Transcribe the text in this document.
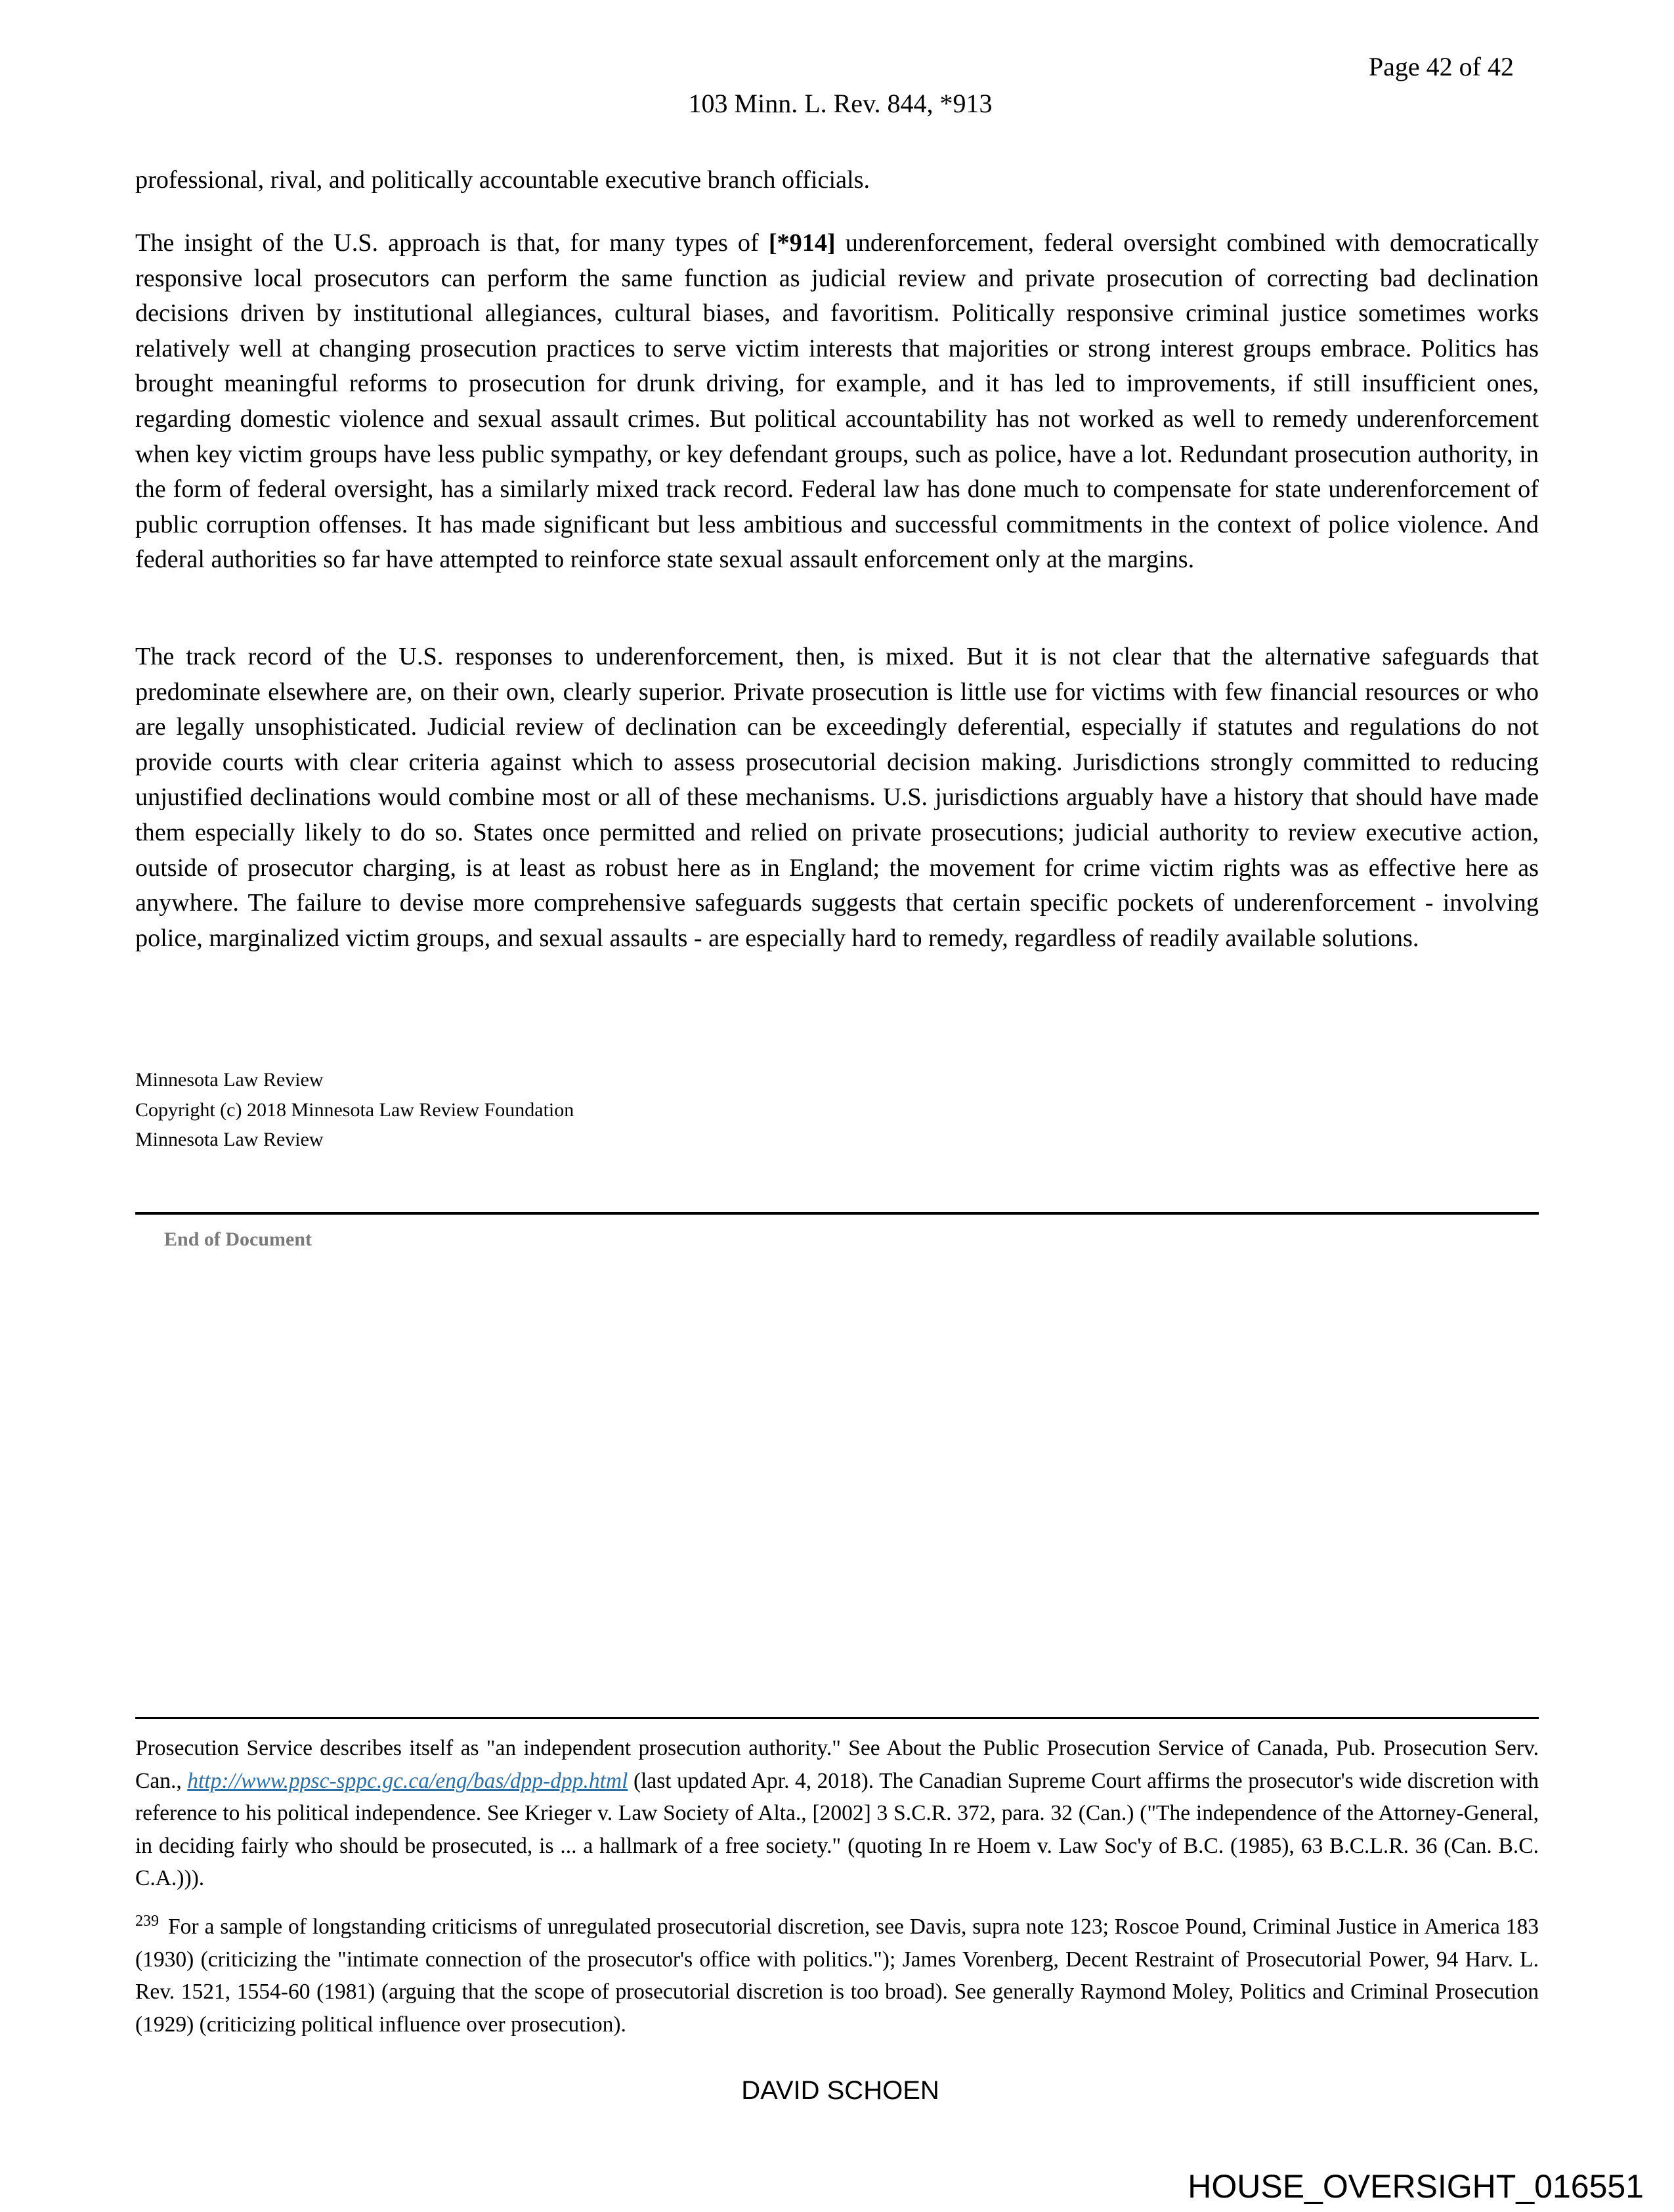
Page 42 of 42
103 Minn. L. Rev. 844, *913

professional, rival, and politically accountable executive branch officials.

The insight of the U.S. approach is that, for many types of [*914] underenforcement, federal oversight combined with democratically responsive local prosecutors can perform the same function as judicial review and private prosecution of correcting bad declination decisions driven by institutional allegiances, cultural biases, and favoritism. Politically responsive criminal justice sometimes works relatively well at changing prosecution practices to serve victim interests that majorities or strong interest groups embrace. Politics has brought meaningful reforms to prosecution for drunk driving, for example, and it has led to improvements, if still insufficient ones, regarding domestic violence and sexual assault crimes. But political accountability has not worked as well to remedy underenforcement when key victim groups have less public sympathy, or key defendant groups, such as police, have a lot. Redundant prosecution authority, in the form of federal oversight, has a similarly mixed track record. Federal law has done much to compensate for state underenforcement of public corruption offenses. It has made significant but less ambitious and successful commitments in the context of police violence. And federal authorities so far have attempted to reinforce state sexual assault enforcement only at the margins.

The track record of the U.S. responses to underenforcement, then, is mixed. But it is not clear that the alternative safeguards that predominate elsewhere are, on their own, clearly superior. Private prosecution is little use for victims with few financial resources or who are legally unsophisticated. Judicial review of declination can be exceedingly deferential, especially if statutes and regulations do not provide courts with clear criteria against which to assess prosecutorial decision making. Jurisdictions strongly committed to reducing unjustified declinations would combine most or all of these mechanisms. U.S. jurisdictions arguably have a history that should have made them especially likely to do so. States once permitted and relied on private prosecutions; judicial authority to review executive action, outside of prosecutor charging, is at least as robust here as in England; the movement for crime victim rights was as effective here as anywhere. The failure to devise more comprehensive safeguards suggests that certain specific pockets of underenforcement - involving police, marginalized victim groups, and sexual assaults - are especially hard to remedy, regardless of readily available solutions.

Minnesota Law Review
Copyright (c) 2018 Minnesota Law Review Foundation
Minnesota Law Review
End of Document

Prosecution Service describes itself as "an independent prosecution authority." See About the Public Prosecution Service of Canada, Pub. Prosecution Serv. Can., http://www.ppsc-sppc.gc.ca/eng/bas/dpp-dpp.html (last updated Apr. 4, 2018). The Canadian Supreme Court affirms the prosecutor's wide discretion with reference to his political independence. See Krieger v. Law Society of Alta., [2002] 3 S.C.R. 372, para. 32 (Can.) ("The independence of the Attorney-General, in deciding fairly who should be prosecuted, is ... a hallmark of a free society." (quoting In re Hoem v. Law Soc'y of B.C. (1985), 63 B.C.L.R. 36 (Can. B.C. C.A.))).

$^{239}$ For a sample of longstanding criticisms of unregulated prosecutorial discretion, see Davis, supra note 123; Roscoe Pound, Criminal Justice in America 183 (1930) (criticizing the "intimate connection of the prosecutor's office with politics."); James Vorenberg, Decent Restraint of Prosecutorial Power, 94 Harv. L. Rev. 1521, 1554-60 (1981) (arguing that the scope of prosecutorial discretion is too broad). See generally Raymond Moley, Politics and Criminal Prosecution (1929) (criticizing political influence over prosecution).

DAVID SCHOEN
HOUSE_OVERSIGHT_016551
